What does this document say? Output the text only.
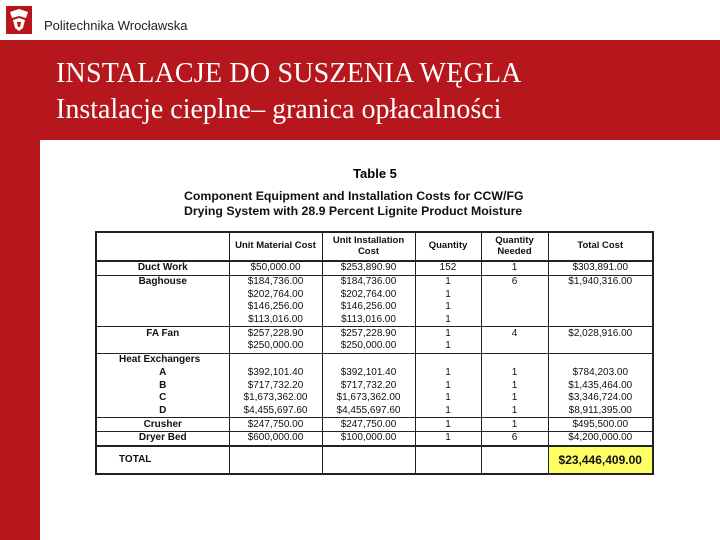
Politechnika Wrocławska
INSTALACJE DO SUSZENIA WĘGLA
Instalacje cieplne– granica opłacalności
Table 5
Component Equipment and Installation Costs for CCW/FG
Drying System with 28.9 Percent Lignite Product Moisture
	Unit Material Cost	Unit Installation Cost	Quantity	Quantity Needed	Total Cost
Duct Work	$50,000.00	$253,890.90	152	1	$303,891.00
Baghouse	$184,736.00	$184,736.00	1	6	$1,940,316.00
	$202,764.00	$202,764.00	1		
	$146,256.00	$146,256.00	1		
	$113,016.00	$113,016.00	1		
FA Fan	$257,228.90	$257,228.90	1	4	$2,028,916.00
	$250,000.00	$250,000.00	1		
Heat Exchangers					
A	$392,101.40	$392,101.40	1	1	$784,203.00
B	$717,732.20	$717,732.20	1	1	$1,435,464.00
C	$1,673,362.00	$1,673,362.00	1	1	$3,346,724.00
D	$4,455,697.60	$4,455,697.60	1	1	$8,911,395.00
Crusher	$247,750.00	$247,750.00	1	1	$495,500.00
Dryer Bed	$600,000.00	$100,000.00	1	6	$4,200,000.00
TOTAL					$23,446,409.00
